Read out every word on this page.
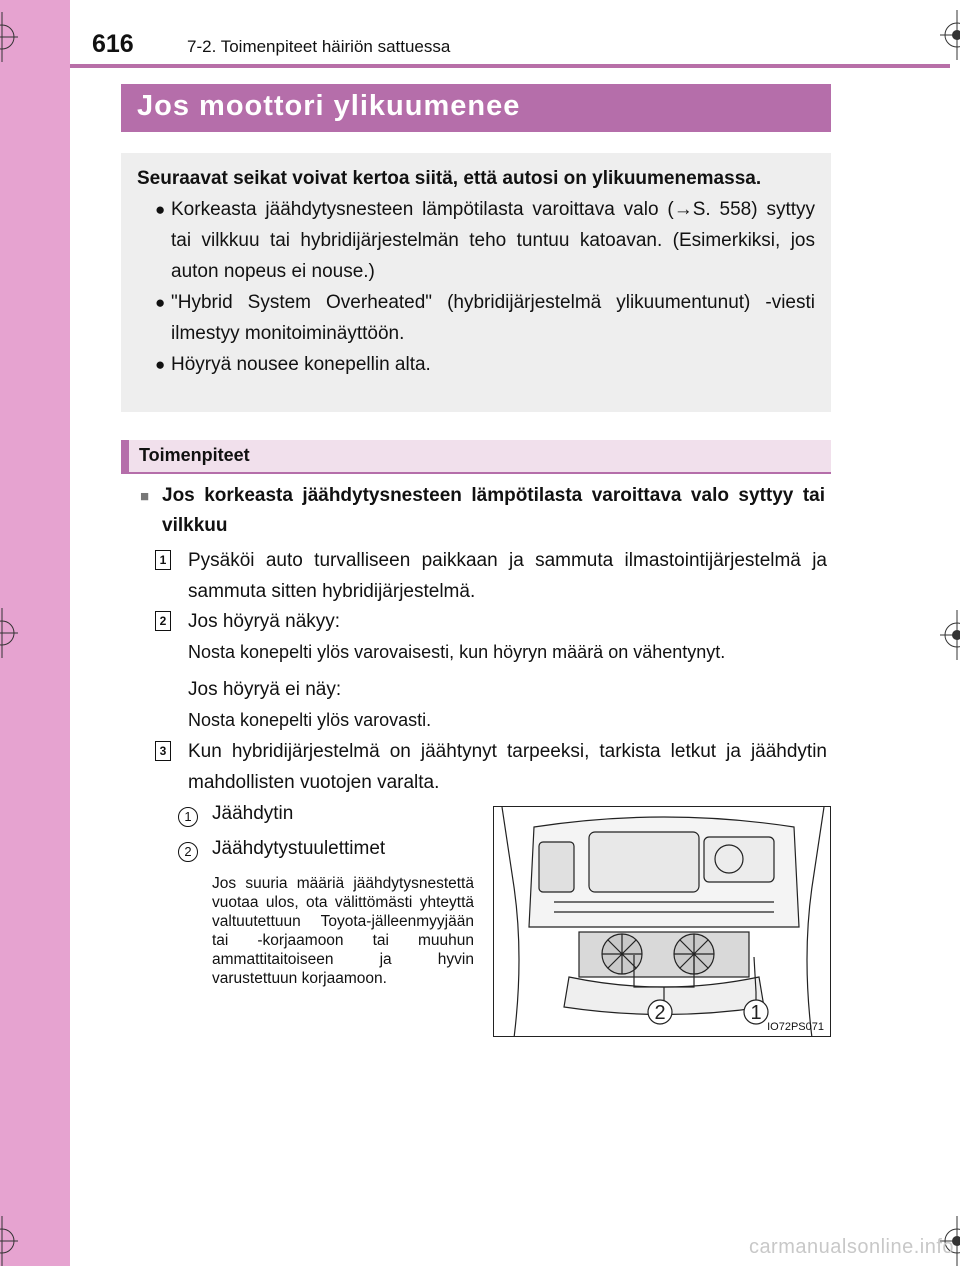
616	7-2. Toimenpiteet häiriön sattuessa
Jos moottori ylikuumenee

Seuraavat seikat voivat kertoa siitä, että autosi on ylikuumenemassa.

● Korkeasta jäähdytysnesteen lämpötilasta varoittava valo (→S. 558) syttyy tai vilkkuu tai hybridijärjestelmän teho tuntuu katoavan. (Esimerkiksi, jos auton nopeus ei nouse.)

● "Hybrid System Overheated" (hybridijärjestelmä ylikuumentunut) -viesti ilmestyy monitoiminäyttöön.

● Höyryä nousee konepellin alta.

Toimenpiteet
■ Jos korkeasta jäähdytysnesteen lämpötilasta varoittava valo syttyy tai vilkkuu
1 Pysäköi auto turvalliseen paikkaan ja sammuta ilmastointijärjestelmä ja sammuta sitten hybridijärjestelmä.
2 Jos höyryä näkyy:
Nosta konepelti ylös varovaisesti, kun höyryn määrä on vähentynyt.
Jos höyryä ei näy:
Nosta konepelti ylös varovasti.
3 Kun hybridijärjestelmä on jäähtynyt tarpeeksi, tarkista letkut ja jäähdytin mahdollisten vuotojen varalta.
1 Jäähdytin
2 Jäähdytystuulettimet
Jos suuria määriä jäähdytysnestettä vuotaa ulos, ota välittömästi yhteyttä valtuutettuun Toyota-jälleenmyyjään tai -korjaamoon tai muuhun ammattitaitoiseen ja hyvin varustettuun korjaamoon.
2	1
IO72PS071
carmanualsonline.info
